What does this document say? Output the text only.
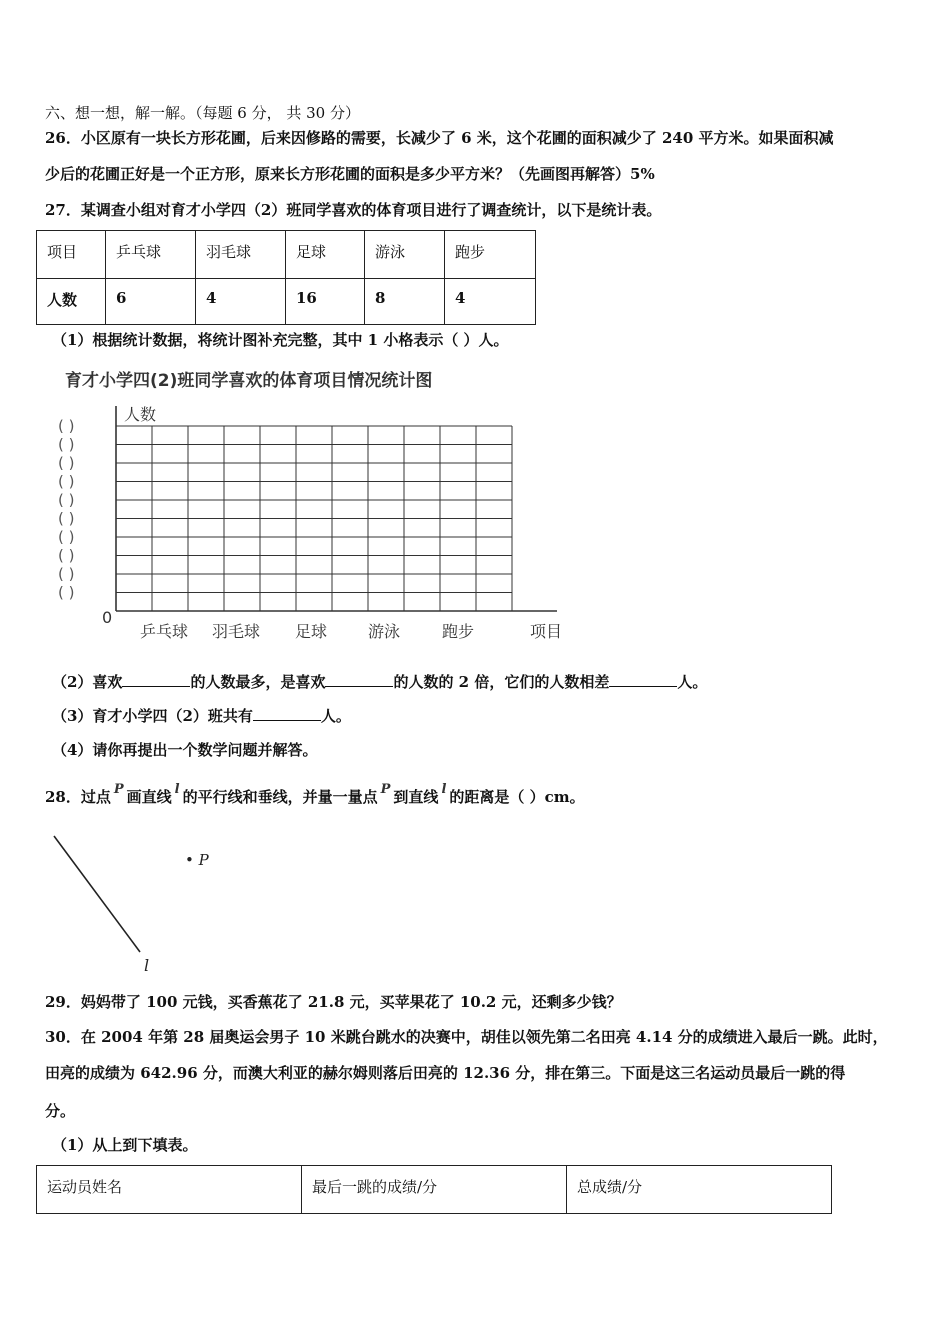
六、想一想，解一解。（每题 6 分， 共 30 分）
26．小区原有一块长方形花圃，后来因修路的需要，长减少了 6 米，这个花圃的面积减少了 240 平方米。如果面积减
少后的花圃正好是一个正方形，原来长方形花圃的面积是多少平方米？（先画图再解答）5%
27．某调查小组对育才小学四（2）班同学喜欢的体育项目进行了调查统计，以下是统计表。
项目	乒乓球	羽毛球	足球	游泳	跑步
人数	6	4	16	8	4
（1）根据统计数据，将统计图补充完整，其中 1 小格表示（ ）人。
育才小学四(2)班同学喜欢的体育项目情况统计图
人数
项目
0
( )
( )
( )
( )
( )
( )
( )
( )
( )
( )
乒乓球 羽毛球 足球	游泳	跑步
（2）喜欢	的人数最多，是喜欢	的人数的 2 倍，它们的人数相差	人。
（3）育才小学四（2）班共有	人。
（4）请你再提出一个数学问题并解答。
28．过点 P 画直线 l 的平行线和垂线，并量一量点 P 到直线 l 的距离是（ ）cm。
l
• P
29．妈妈带了 100 元钱，买香蕉花了 21.8 元，买苹果花了 10.2 元，还剩多少钱？
30．在 2004 年第 28 届奥运会男子 10 米跳台跳水的决赛中，胡佳以领先第二名田亮 4.14 分的成绩进入最后一跳。此时，
田亮的成绩为 642.96 分，而澳大利亚的赫尔姆则落后田亮的 12.36 分，排在第三。下面是这三名运动员最后一跳的得
分。
（1）从上到下填表。
运动员姓名	最后一跳的成绩/分	总成绩/分
